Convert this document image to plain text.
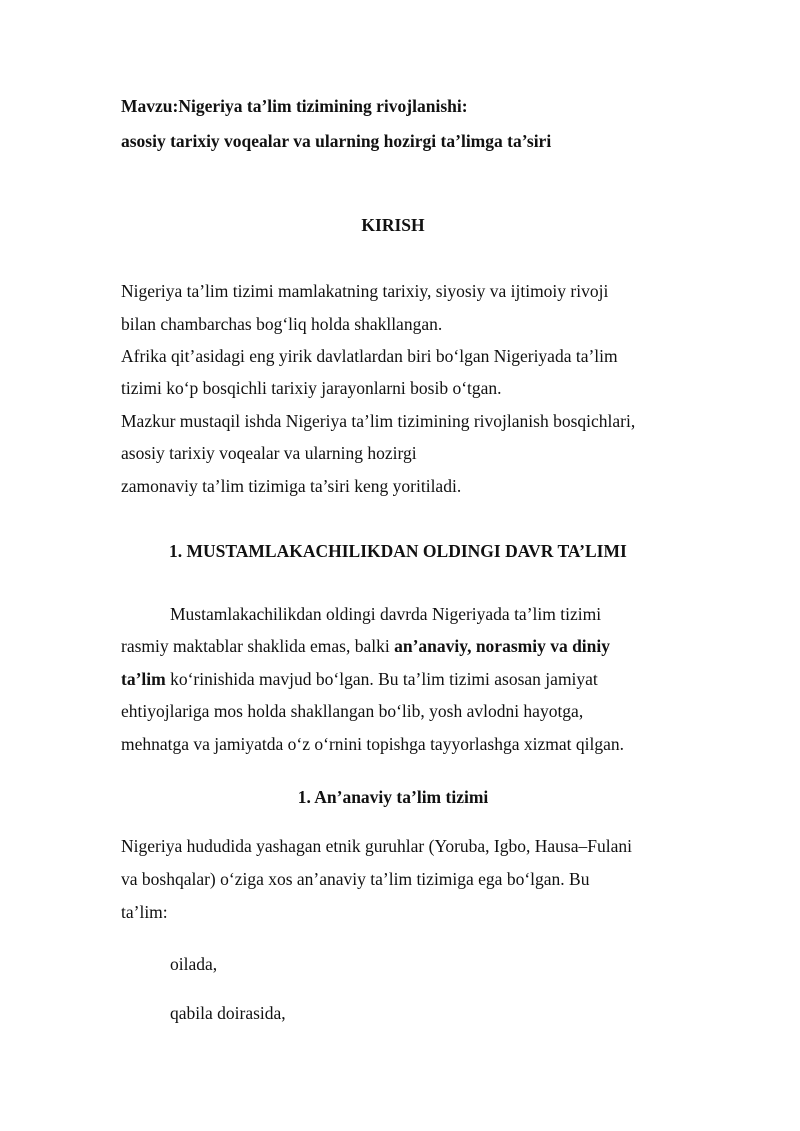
Mavzu:Nigeriya ta’lim tizimining rivojlanishi:
asosiy tarixiy voqealar va ularning hozirgi ta’limga ta’siri
KIRISH
Nigeriya ta’lim tizimi mamlakatning tarixiy, siyosiy va ijtimoiy rivoji
bilan chambarchas bog‘liq holda shakllangan.
Afrika qit’asidagi eng yirik davlatlardan biri bo‘lgan Nigeriyada ta’lim
tizimi ko‘p bosqichli tarixiy jarayonlarni bosib o‘tgan.
Mazkur mustaqil ishda Nigeriya ta’lim tizimining rivojlanish bosqichlari,
asosiy tarixiy voqealar va ularning hozirgi
zamonaviy ta’lim tizimiga ta’siri keng yoritiladi.
1. MUSTAMLAKACHILIKDAN OLDINGI DAVR TA’LIMI
Mustamlakachilikdan oldingi davrda Nigeriyada ta’lim tizimi
rasmiy maktablar shaklida emas, balki an’anaviy, norasmiy va diniy
ta’lim ko‘rinishida mavjud bo‘lgan. Bu ta’lim tizimi asosan jamiyat
ehtiyojlariga mos holda shakllangan bo‘lib, yosh avlodni hayotga,
mehnatga va jamiyatda o‘z o‘rnini topishga tayyorlashga xizmat qilgan.
1. An’anaviy ta’lim tizimi
Nigeriya hududida yashagan etnik guruhlar (Yoruba, Igbo, Hausa–Fulani
va boshqalar) o‘ziga xos an’anaviy ta’lim tizimiga ega bo‘lgan. Bu
ta’lim:
oilada,
qabila doirasida,
